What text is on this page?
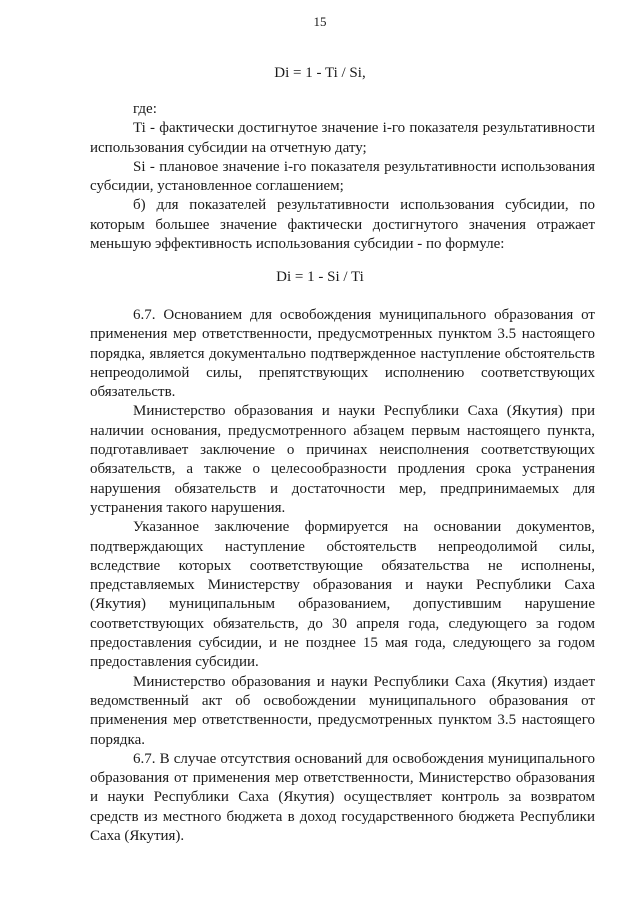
15
Di = 1 - Ti / Si,

где:

Ti - фактически достигнутое значение i-го показателя результативности использования субсидии на отчетную дату;

Si - плановое значение i-го показателя результативности использования субсидии, установленное соглашением;

б) для показателей результативности использования субсидии, по которым большее значение фактически достигнутого значения отражает меньшую эффективность использования субсидии - по формуле:

Di = 1 - Si / Ti

6.7. Основанием для освобождения муниципального образования от применения мер ответственности, предусмотренных пунктом 3.5 настоящего порядка, является документально подтвержденное наступление обстоятельств непреодолимой силы, препятствующих исполнению соответствующих обязательств.

Министерство образования и науки Республики Саха (Якутия) при наличии основания, предусмотренного абзацем первым настоящего пункта, подготавливает заключение о причинах неисполнения соответствующих обязательств, а также о целесообразности продления срока устранения нарушения обязательств и достаточности мер, предпринимаемых для устранения такого нарушения.

Указанное заключение формируется на основании документов, подтверждающих наступление обстоятельств непреодолимой силы, вследствие которых соответствующие обязательства не исполнены, представляемых Министерству образования и науки Республики Саха (Якутия) муниципальным образованием, допустившим нарушение соответствующих обязательств, до 30 апреля года, следующего за годом предоставления субсидии, и не позднее 15 мая года, следующего за годом предоставления субсидии.

Министерство образования и науки Республики Саха (Якутия) издает ведомственный акт об освобождении муниципального образования от применения мер ответственности, предусмотренных пунктом 3.5 настоящего порядка.

6.7. В случае отсутствия оснований для освобождения муниципального образования от применения мер ответственности, Министерство образования и науки Республики Саха (Якутия) осуществляет контроль за возвратом средств из местного бюджета в доход государственного бюджета Республики Саха (Якутия).
